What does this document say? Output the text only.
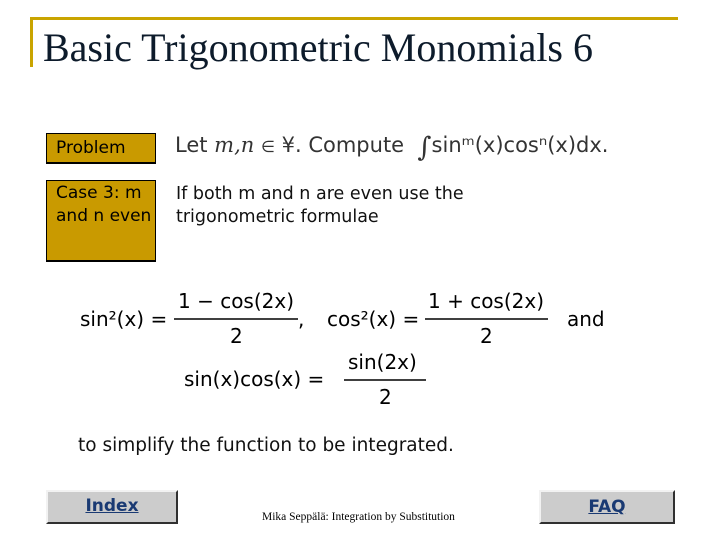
Basic Trigonometric Monomials 6
Problem	Let m,n ∈ ¥. Compute ∫sinᵐ(x)cosⁿ(x)dx.
Case 3: m and n even
If both m and n are even use the trigonometric formulae
sin²(x) =
1 − cos(2x)
2
, cos²(x) =
1 + cos(2x)
2
and
sin(x)cos(x) =
sin(2x)
2
to simplify the function to be integrated.
Index
Mika Seppälä: Integration by Substitution	FAQ
